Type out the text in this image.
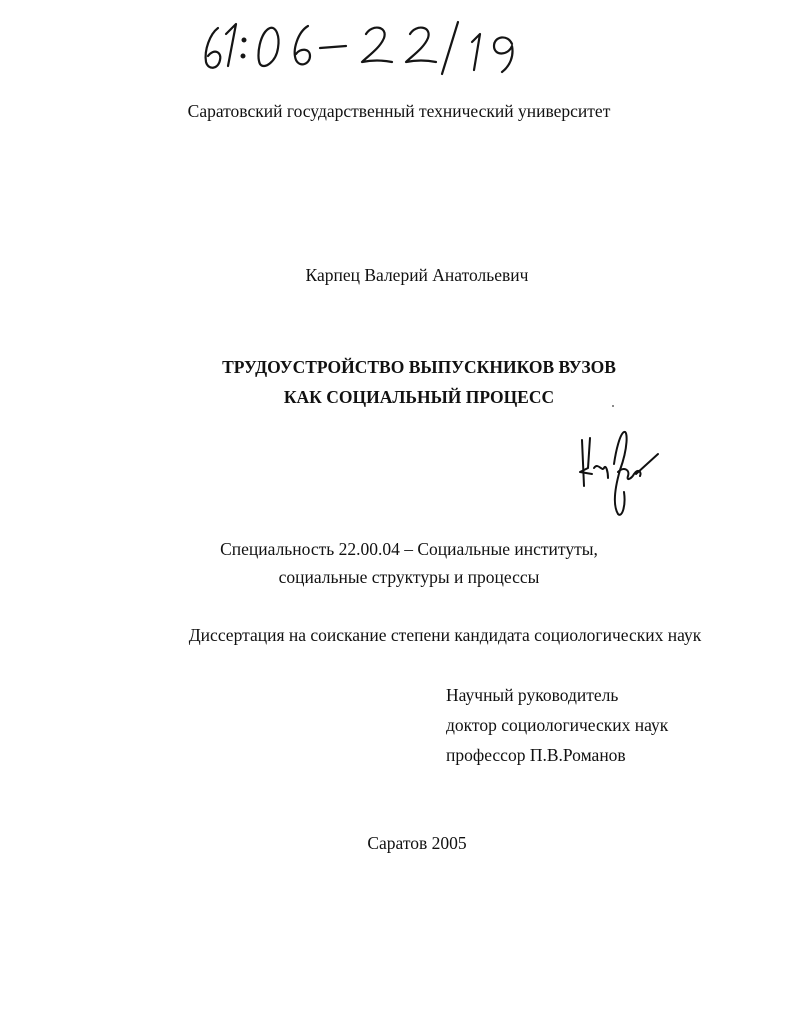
Саратовский государственный технический университет
Карпец Валерий Анатольевич
ТРУДОУСТРОЙСТВО ВЫПУСКНИКОВ ВУЗОВ
КАК СОЦИАЛЬНЫЙ ПРОЦЕСС
Специальность 22.00.04 – Социальные институты,
социальные структуры и процессы
Диссертация на соискание степени кандидата социологических наук
Научный руководитель
доктор социологических наук
профессор П.В.Романов
Саратов 2005
